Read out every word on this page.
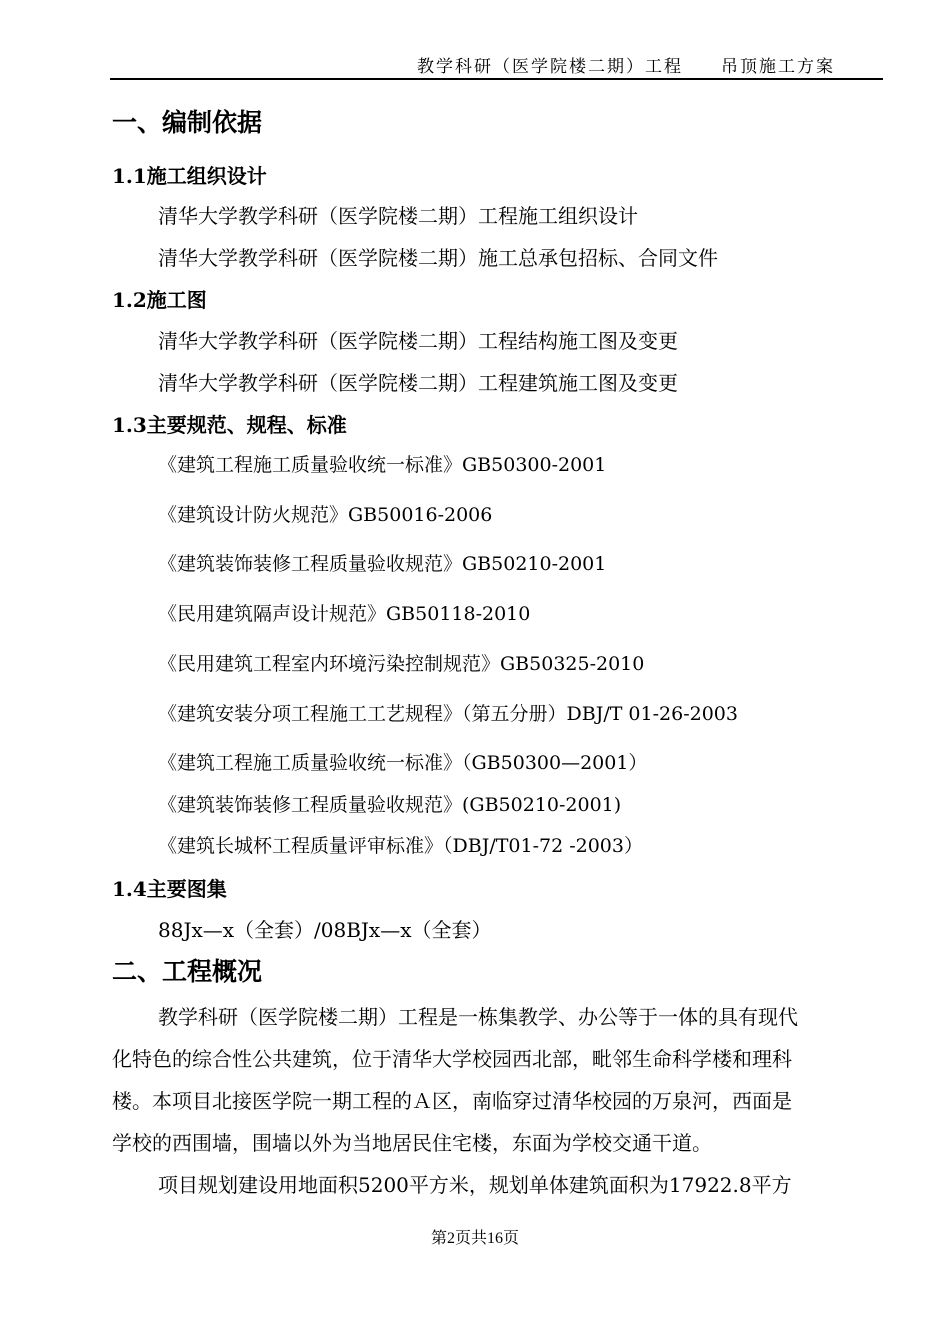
教学科研（医学院楼二期）工程　　吊顶施工方案
一、编制依据
1.1施工组织设计
清华大学教学科研（医学院楼二期）工程施工组织设计
清华大学教学科研（医学院楼二期）施工总承包招标、合同文件
1.2施工图
清华大学教学科研（医学院楼二期）工程结构施工图及变更
清华大学教学科研（医学院楼二期）工程建筑施工图及变更
1.3主要规范、规程、标准
《建筑工程施工质量验收统一标准》GB50300-2001
《建筑设计防火规范》GB50016-2006
《建筑装饰装修工程质量验收规范》GB50210-2001
《民用建筑隔声设计规范》GB50118-2010
《民用建筑工程室内环境污染控制规范》GB50325-2010
《建筑安装分项工程施工工艺规程》（第五分册）DBJ/T 01-26-2003
《建筑工程施工质量验收统一标准》（GB50300—2001）
《建筑装饰装修工程质量验收规范》(GB50210-2001)
《建筑长城杯工程质量评审标准》（DBJ/T01-72 -2003）
1.4主要图集
88Jx—x（全套）/08BJx—x（全套）
二、工程概况
教学科研（医学院楼二期）工程是一栋集教学、办公等于一体的具有现代
化特色的综合性公共建筑，位于清华大学校园西北部，毗邻生命科学楼和理科
楼。本项目北接医学院一期工程的Ａ区，南临穿过清华校园的万泉河，西面是
学校的西围墙，围墙以外为当地居民住宅楼，东面为学校交通干道。
项目规划建设用地面积5200平方米，规划单体建筑面积为17922.8平方
第2页共16页
